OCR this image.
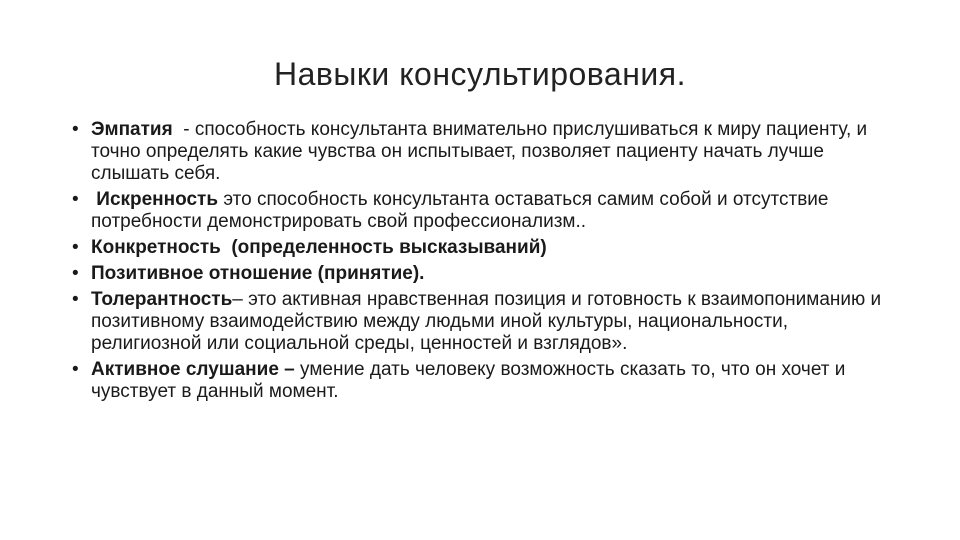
Навыки консультирования.
• Эмпатия  - способность консультанта внимательно прислушиваться к миру пациенту, и точно определять какие чувства он испытывает, позволяет пациенту начать лучше слышать себя.
• Искренность это способность консультанта оставаться самим собой и отсутствие потребности демонстрировать свой профессионализм..
• Конкретность  (определенность высказываний)
• Позитивное отношение (принятие).
• Толерантность– это активная нравственная позиция и готовность к взаимопониманию и позитивному взаимодействию между людьми иной культуры, национальности, религиозной или социальной среды, ценностей и взглядов».
• Активное слушание – умение дать человеку возможность сказать то, что он хочет и чувствует в данный момент.
